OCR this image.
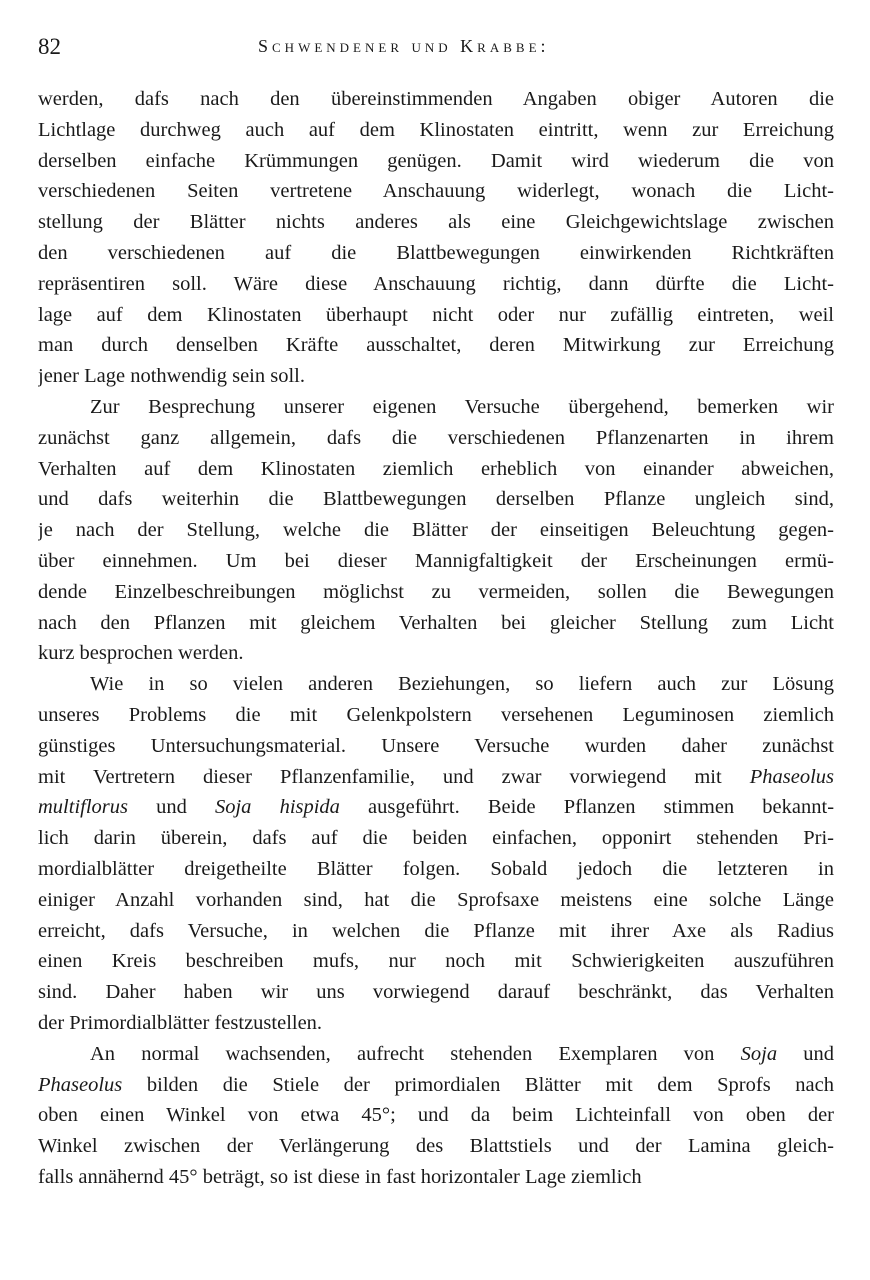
82	Schwendener und Krabbe:

werden, dafs nach den übereinstimmenden Angaben obiger Autoren die
Lichtlage durchweg auch auf dem Klinostaten eintritt, wenn zur Erreichung
derselben einfache Krümmungen genügen. Damit wird wiederum die von
verschiedenen Seiten vertretene Anschauung widerlegt, wonach die Licht-
stellung der Blätter nichts anderes als eine Gleichgewichtslage zwischen
den verschiedenen auf die Blattbewegungen einwirkenden Richtkräften
repräsentiren soll. Wäre diese Anschauung richtig, dann dürfte die Licht-
lage auf dem Klinostaten überhaupt nicht oder nur zufällig eintreten, weil
man durch denselben Kräfte ausschaltet, deren Mitwirkung zur Erreichung
jener Lage nothwendig sein soll.

Zur Besprechung unserer eigenen Versuche übergehend, bemerken wir
zunächst ganz allgemein, dafs die verschiedenen Pflanzenarten in ihrem
Verhalten auf dem Klinostaten ziemlich erheblich von einander abweichen,
und dafs weiterhin die Blattbewegungen derselben Pflanze ungleich sind,
je nach der Stellung, welche die Blätter der einseitigen Beleuchtung gegen-
über einnehmen. Um bei dieser Mannigfaltigkeit der Erscheinungen ermü-
dende Einzelbeschreibungen möglichst zu vermeiden, sollen die Bewegungen
nach den Pflanzen mit gleichem Verhalten bei gleicher Stellung zum Licht
kurz besprochen werden.

Wie in so vielen anderen Beziehungen, so liefern auch zur Lösung
unseres Problems die mit Gelenkpolstern versehenen Leguminosen ziemlich
günstiges Untersuchungsmaterial. Unsere Versuche wurden daher zunächst
mit Vertretern dieser Pflanzenfamilie, und zwar vorwiegend mit Phaseolus
multiflorus und Soja hispida ausgeführt. Beide Pflanzen stimmen bekannt-
lich darin überein, dafs auf die beiden einfachen, opponirt stehenden Pri-
mordialblätter dreigetheilte Blätter folgen. Sobald jedoch die letzteren in
einiger Anzahl vorhanden sind, hat die Sprofsaxe meistens eine solche Länge
erreicht, dafs Versuche, in welchen die Pflanze mit ihrer Axe als Radius
einen Kreis beschreiben mufs, nur noch mit Schwierigkeiten auszuführen
sind. Daher haben wir uns vorwiegend darauf beschränkt, das Verhalten
der Primordialblätter festzustellen.

An normal wachsenden, aufrecht stehenden Exemplaren von Soja und
Phaseolus bilden die Stiele der primordialen Blätter mit dem Sprofs nach
oben einen Winkel von etwa 45°; und da beim Lichteinfall von oben der
Winkel zwischen der Verlängerung des Blattstiels und der Lamina gleich-
falls annähernd 45° beträgt, so ist diese in fast horizontaler Lage ziemlich
